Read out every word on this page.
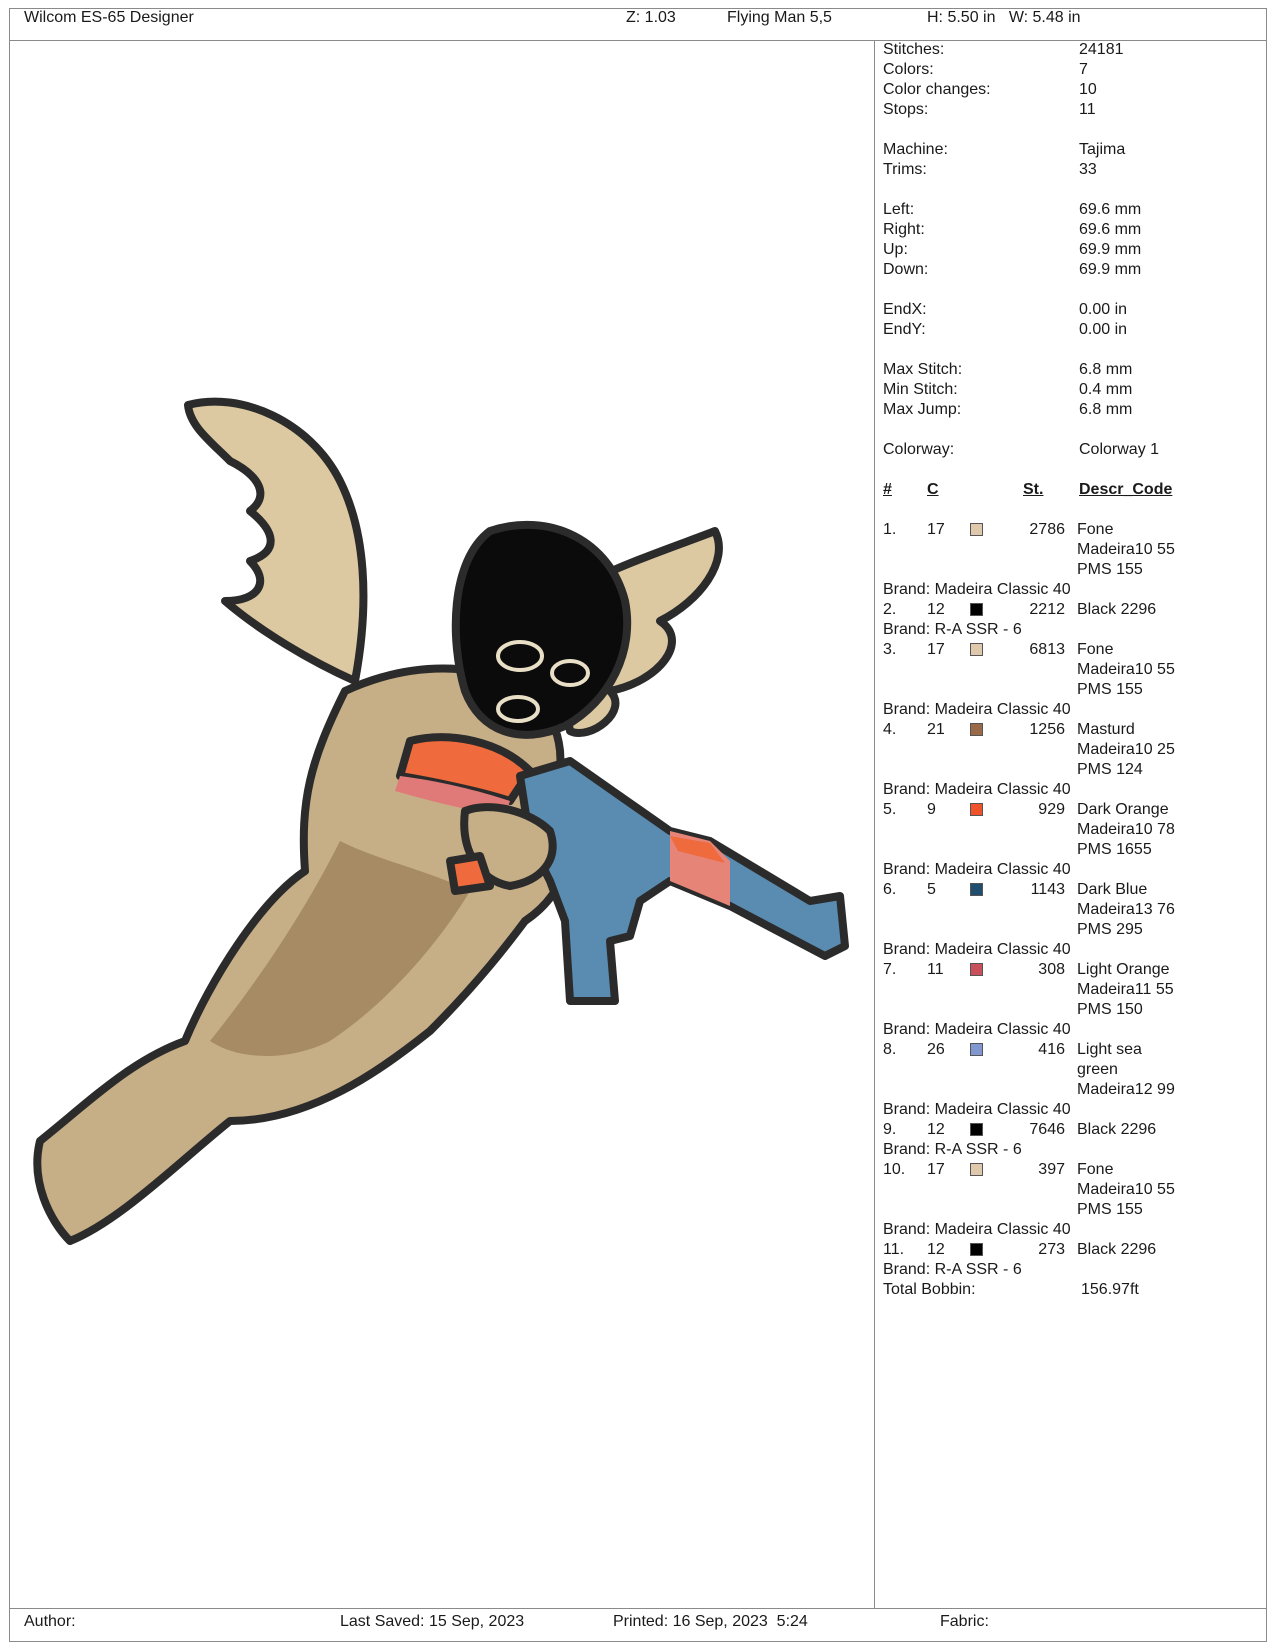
Wilcom ES-65 Designer	Z: 1.03	Flying Man 5,5	H: 5.50 in   W: 5.48 in
Stitches:	24181
Colors:	7
Color changes:	10
Stops:	11
Machine:	Tajima
Trims:	33
Left:	69.6 mm
Right:	69.6 mm
Up:	69.9 mm
Down:	69.9 mm
EndX:	0.00 in
EndY:	0.00 in
Max Stitch:	6.8 mm
Min Stitch:	0.4 mm
Max Jump:	6.8 mm
Colorway:	Colorway 1
# C	St. Descr_Code
1. 17	2786 Fone
Madeira10 55
PMS 155
Brand: Madeira Classic 40
2. 12	2212 Black 2296
Brand: R-A SSR - 6
3. 17	6813 Fone
Madeira10 55
PMS 155
Brand: Madeira Classic 40
4. 21	1256 Masturd
Madeira10 25
PMS 124
Brand: Madeira Classic 40
5. 9	929 Dark Orange
Madeira10 78
PMS 1655
Brand: Madeira Classic 40
6. 5	1143 Dark Blue
Madeira13 76
PMS 295
Brand: Madeira Classic 40
7. 11	308 Light Orange
Madeira11 55
PMS 150
Brand: Madeira Classic 40
8. 26	416 Light sea
green
Madeira12 99
Brand: Madeira Classic 40
9. 12	7646 Black 2296
Brand: R-A SSR - 6
10. 17	397 Fone
Madeira10 55
PMS 155
Brand: Madeira Classic 40
11. 12	273 Black 2296
Brand: R-A SSR - 6
Total Bobbin:	156.97ft
Author:	Last Saved: 15 Sep, 2023	Printed: 16 Sep, 2023  5:24	Fabric:
